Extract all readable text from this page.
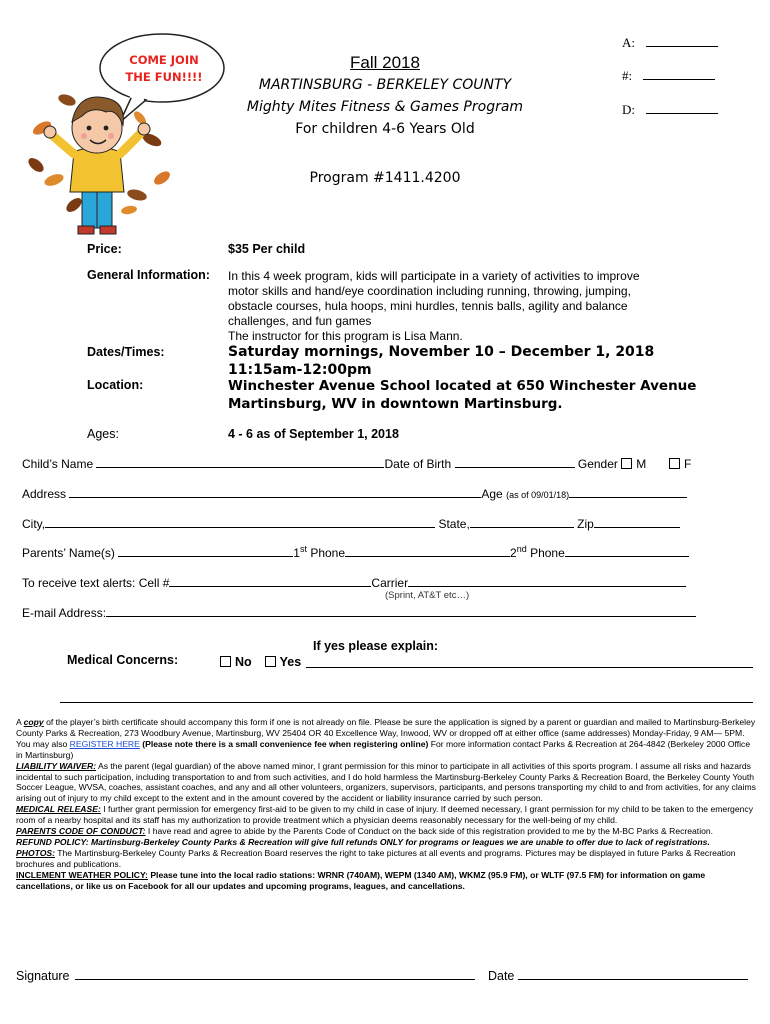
A:
#:
D:
COME JOIN
THE FUN!!!!
Fall 2018
MARTINSBURG - BERKELEY COUNTY
Mighty Mites Fitness & Games Program
For children 4-6 Years Old
Program #1411.4200
Price:	$35 Per child
General Information: In this 4 week program, kids will participate in a variety of activities to improve
motor skills and hand/eye coordination including running, throwing, jumping,
obstacle courses, hula hoops, mini hurdles, tennis balls, agility and balance
challenges, and fun games
The instructor for this program is Lisa Mann.
Dates/Times:	Saturday mornings, November 10 – December 1, 2018
11:15am-12:00pm
Location:	Winchester Avenue School located at 650 Winchester Avenue
Martinsburg, WV in downtown Martinsburg.
Ages:	4 - 6 as of September 1, 2018
Child’s Name	Date of Birth	Gender M	F
Address	Age (as of 09/01/18)
City,	State,	Zip
Parents’ Name(s)	1st Phone	2nd Phone
To receive text alerts: Cell #	Carrier
(Sprint, AT&T etc…)
E-mail Address:
If yes please explain:
Medical Concerns:	No Yes

A copy of the player’s birth certificate should accompany this form if one is not already on file. Please be sure the application is signed by a parent or guardian and mailed to Martinsburg-Berkeley County Parks & Recreation, 273 Woodbury Avenue, Martinsburg, WV 25404 OR 40 Excellence Way, Inwood, WV or dropped off at either office (same addresses) Monday-Friday, 9 AM— 5PM. You may also REGISTER HERE (Please note there is a small convenience fee when registering online) For more information contact Parks & Recreation at 264-4842 (Berkeley 2000 Office in Martinsburg)

LIABILITY WAIVER: As the parent (legal guardian) of the above named minor, I grant permission for this minor to participate in all activities of this sports program. I assume all risks and hazards incidental to such participation, including transportation to and from such activities, and I do hold harmless the Martinsburg-Berkeley County Parks & Recreation Board, the Berkeley County Youth Soccer League, WVSA, coaches, assistant coaches, and any and all other volunteers, organizers, supervisors, participants, and persons transporting my child to and from activities, for any claims arising out of injury to my child except to the extent and in the amount covered by the accident or liability insurance carried by such person.

MEDICAL RELEASE: I further grant permission for emergency first-aid to be given to my child in case of injury. If deemed necessary, I grant permission for my child to be taken to the emergency room of a nearby hospital and its staff has my authorization to provide treatment which a physician deems reasonably necessary for the well-being of my child.

PARENTS CODE OF CONDUCT: I have read and agree to abide by the Parents Code of Conduct on the back side of this registration provided to me by the M-BC Parks & Recreation.

REFUND POLICY: Martinsburg-Berkeley County Parks & Recreation will give full refunds ONLY for programs or leagues we are unable to offer due to lack of registrations.

PHOTOS: The Martinsburg-Berkeley County Parks & Recreation Board reserves the right to take pictures at all events and programs. Pictures may be displayed in future Parks & Recreation brochures and publications.

INCLEMENT WEATHER POLICY: Please tune into the local radio stations: WRNR (740AM), WEPM (1340 AM), WKMZ (95.9 FM), or WLTF (97.5 FM) for information on game cancellations, or like us on Facebook for all our updates and upcoming programs, leagues, and cancellations.

Signature	Date
